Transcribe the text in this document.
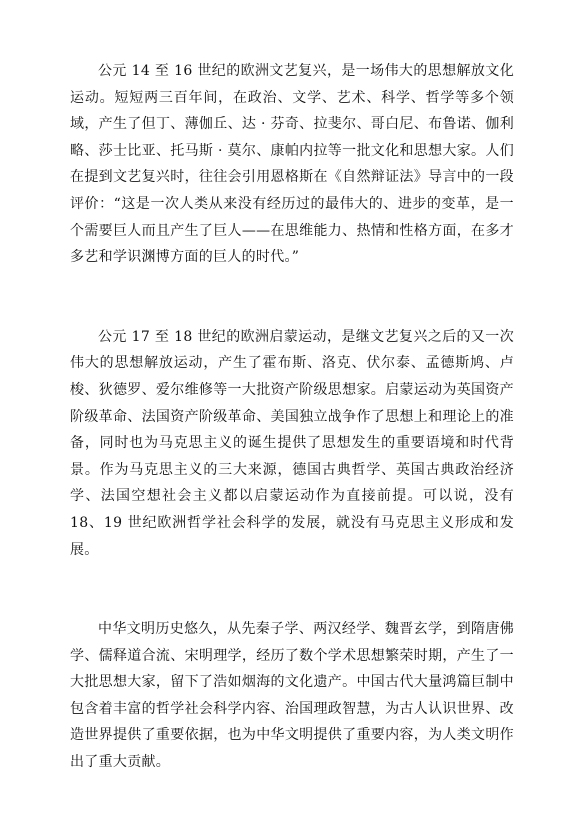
公元 14 至 16 世纪的欧洲文艺复兴，是一场伟大的思想解放文化运动。短短两三百年间，在政治、文学、艺术、科学、哲学等多个领域，产生了但丁、薄伽丘、达 · 芬奇、拉斐尔、哥白尼、布鲁诺、伽利略、莎士比亚、托马斯 · 莫尔、康帕内拉等一批文化和思想大家。人们在提到文艺复兴时，往往会引用恩格斯在《自然辩证法》导言中的一段评价：“这是一次人类从来没有经历过的最伟大的、进步的变革，是一个需要巨人而且产生了巨人——在思维能力、热情和性格方面，在多才多艺和学识渊博方面的巨人的时代。”

公元 17 至 18 世纪的欧洲启蒙运动，是继文艺复兴之后的又一次伟大的思想解放运动，产生了霍布斯、洛克、伏尔泰、孟德斯鸠、卢梭、狄德罗、爱尔维修等一大批资产阶级思想家。启蒙运动为英国资产阶级革命、法国资产阶级革命、美国独立战争作了思想上和理论上的准备，同时也为马克思主义的诞生提供了思想发生的重要语境和时代背景。作为马克思主义的三大来源，德国古典哲学、英国古典政治经济学、法国空想社会主义都以启蒙运动作为直接前提。可以说，没有 18、19 世纪欧洲哲学社会科学的发展，就没有马克思主义形成和发展。

中华文明历史悠久，从先秦子学、两汉经学、魏晋玄学，到隋唐佛学、儒释道合流、宋明理学，经历了数个学术思想繁荣时期，产生了一大批思想大家，留下了浩如烟海的文化遗产。中国古代大量鸿篇巨制中包含着丰富的哲学社会科学内容、治国理政智慧，为古人认识世界、改造世界提供了重要依据，也为中华文明提供了重要内容，为人类文明作出了重大贡献。
